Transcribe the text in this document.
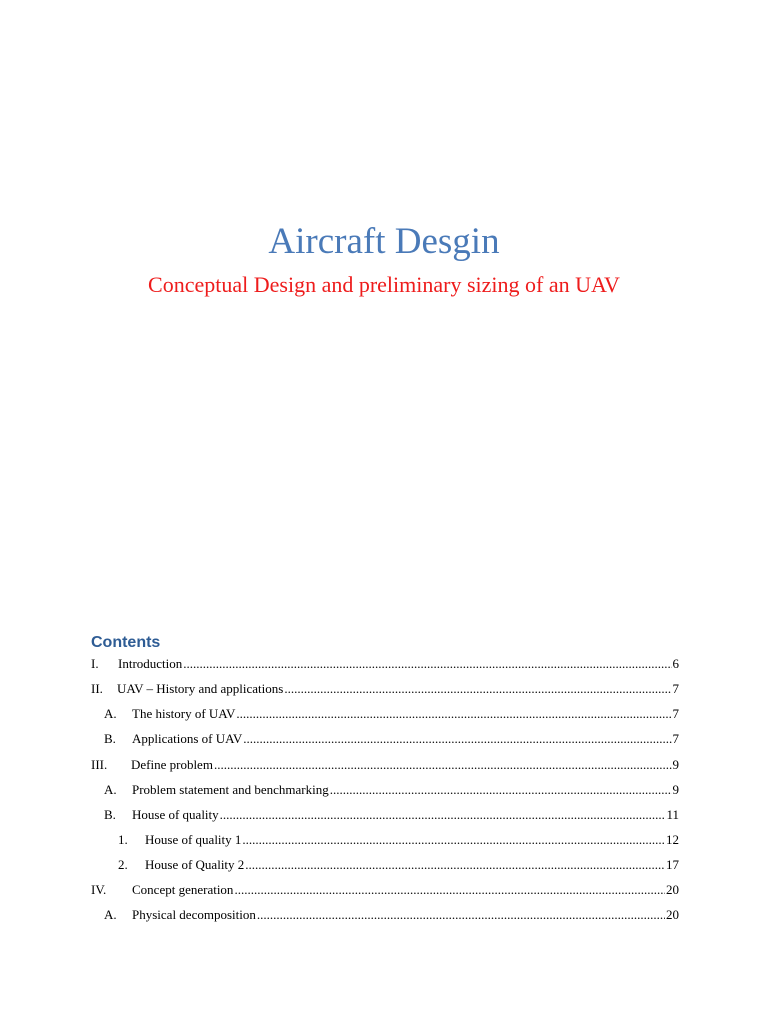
Aircraft Desgin
Conceptual Design and preliminary sizing of an UAV
Contents
I.	Introduction .....	6
II.	UAV – History and applications .....	7
A.	The history of UAV .....	7
B.	Applications of UAV .....	7
III.	Define problem .....	9
A.	Problem statement and benchmarking .....	9
B.	House of quality .....	11
1.	House of quality 1 .....	12
2.	House of Quality 2 .....	17
IV.	Concept generation .....	20
A.	Physical decomposition .....	20
